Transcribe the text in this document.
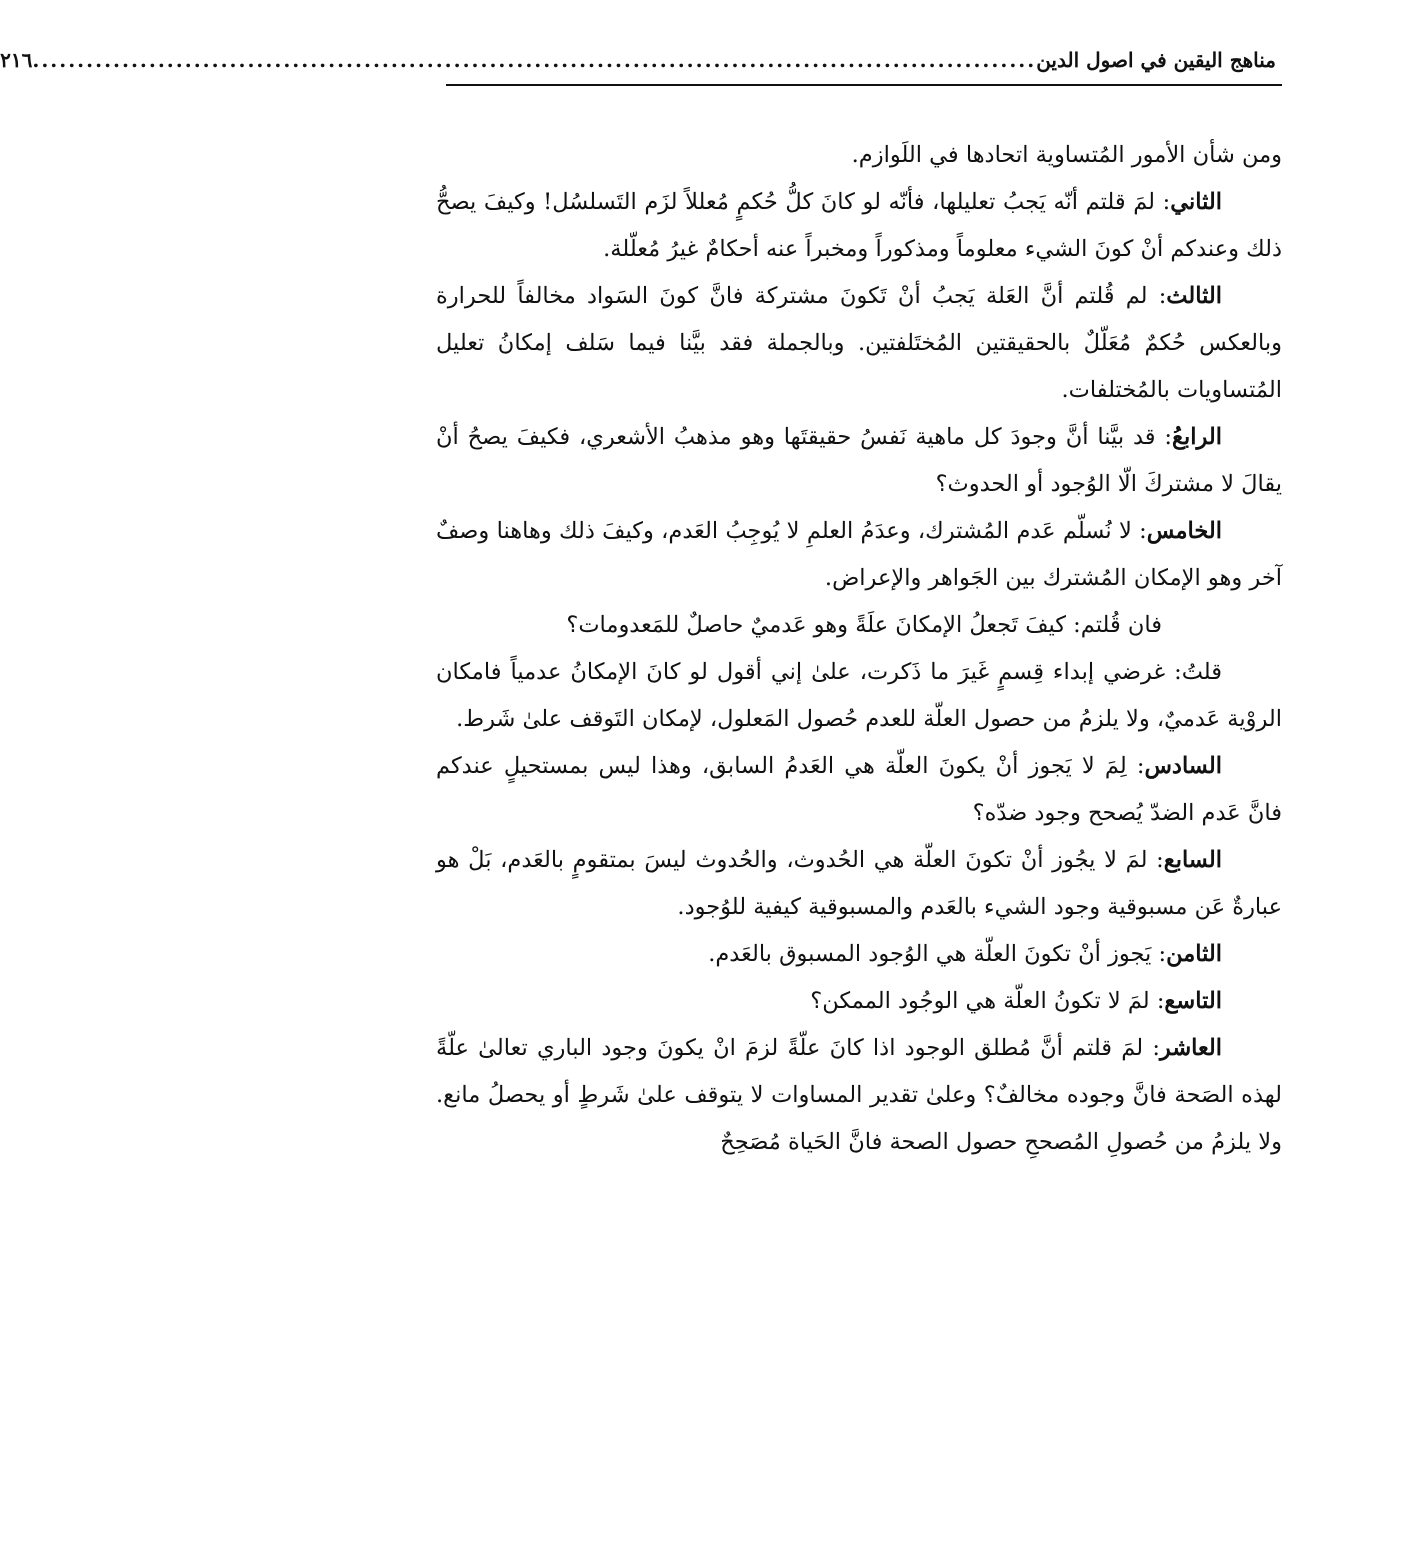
مناهج اليقين في اصول الدين
................................................................................................................
٢١٦

ومن شأن الأمور المُتساوية اتحادها في اللَوازم.

الثاني: لمَ قلتم أنّه يَجبُ تعليلها، فأنّه لو كانَ كلُّ حُكمٍ مُعللاً لزَم التَسلسُل! وكيفَ يصحُّ ذلك وعندكم أنْ كونَ الشيء معلوماً ومذكوراً ومخبراً عنه أحكامٌ غيرُ مُعلّلة.

الثالث: لم قُلتم أنَّ العَلة يَجبُ أنْ تَكونَ مشتركة فانَّ كونَ السَواد مخالفاً للحرارة وبالعكس حُكمٌ مُعَلّلٌ بالحقيقتين المُختَلفتين. وبالجملة فقد بيَّنا فيما سَلف إمكانُ تعليل المُتساويات بالمُختلفات.

الرابعُ: قد بيَّنا أنَّ وجودَ كل ماهية نَفسُ حقيقتَها وهو مذهبُ الأشعري، فكيفَ يصحُ أنْ يقالَ لا مشتركَ الّا الوُجود أو الحدوث؟

الخامس: لا نُسلّم عَدم المُشترك، وعدَمُ العلمِ لا يُوجِبُ العَدم، وكيفَ ذلك وهاهنا وصفٌ آخر وهو الإمكان المُشترك بين الجَواهر والإعراض.

فان قُلتم: كيفَ تَجعلُ الإمكانَ علَةً وهو عَدميٌ حاصلٌ للمَعدومات؟

قلتُ: غرضي إبداء قِسمٍ غَيرَ ما ذَكرت، علىٰ إني أقول لو كانَ الإمكانُ عدمياً فامكان الروْية عَدميٌ، ولا يلزمُ من حصول العلّة للعدم حُصول المَعلول، لإمكان التَوقف علىٰ شَرط.

السادس: لِمَ لا يَجوز أنْ يكونَ العلّة هي العَدمُ السابق، وهذا ليس بمستحيلٍ عندكم فانَّ عَدم الضدّ يُصحح وجود ضدّه؟

السابع: لمَ لا يجُوز أنْ تكونَ العلّة هي الحُدوث، والحُدوث ليسَ بمتقومٍ بالعَدم، بَلْ هو عبارةٌ عَن مسبوقية وجود الشيء بالعَدم والمسبوقية كيفية للوُجود.

الثامن: يَجوز أنْ تكونَ العلّة هي الوُجود المسبوق بالعَدم.

التاسع: لمَ لا تكونُ العلّة هي الوجُود الممكن؟

العاشر: لمَ قلتم أنَّ مُطلق الوجود اذا كانَ علّةً لزمَ انْ يكونَ وجود الباري تعالىٰ علّةً لهذه الصَحة فانَّ وجوده مخالفٌ؟ وعلىٰ تقدير المساوات لا يتوقف علىٰ شَرطٍ أو يحصلُ مانع. ولا يلزمُ من حُصولِ المُصححِ حصول الصحة فانَّ الحَياة مُصَحِحٌ
